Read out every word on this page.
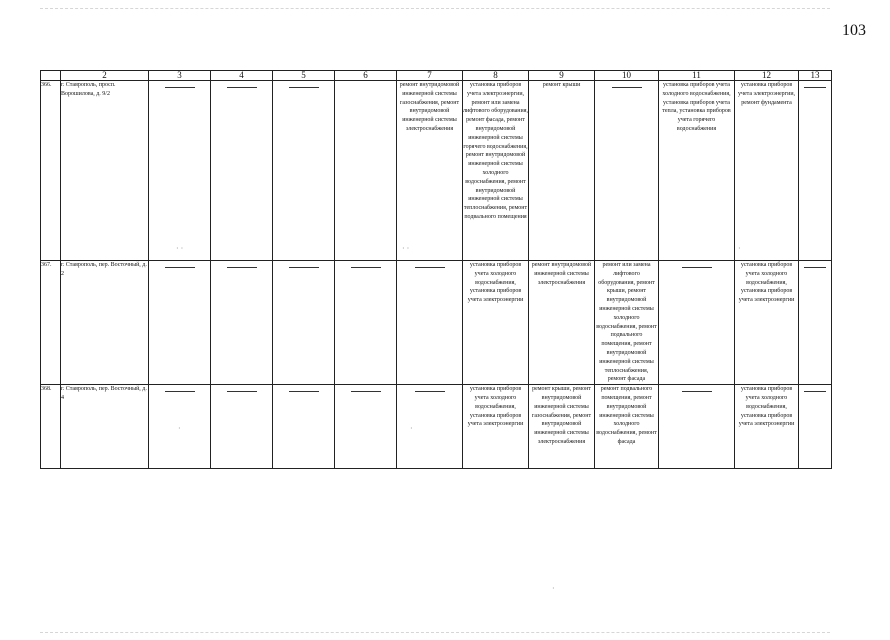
103
	2	3	4	5	6	7	8	9	10	11	12	13
366.	г. Ставрополь, просп. Ворошилова, д. 9/2					ремонт внутридомовой инженерной системы газоснабжения, ремонт внутридомовой инженерной системы электроснабжения	установка приборов учета электроэнергии, ремонт или замена лифтового оборудования, ремонт фасада, ремонт внутридомовой инженерной системы горячего водоснабжения, ремонт внутридомовой инженерной системы холодного водоснабжения, ремонт внутридомовой инженерной системы теплоснабжения, ремонт подвального помещения	ремонт крыши		установка приборов учета холодного водоснабжения, установка приборов учета тепла, установка приборов учета горячего водоснабжения	установка приборов учета электроэнергии, ремонт фундамента	
367.	г. Ставрополь, пер. Восточный, д. 2						установка приборов учета холодного водоснабжения, установка приборов учета электроэнергии	ремонт внутридомовой инженерной системы электроснабжения	ремонт или замена лифтового оборудования, ремонт крыши, ремонт внутридомовой инженерной системы холодного водоснабжения, ремонт подвального помещения, ремонт внутридомовой инженерной системы теплоснабжения, ремонт фасада		установка приборов учета холодного водоснабжения, установка приборов учета электроэнергии	
368.	г. Ставрополь, пер. Восточный, д. 4						установка приборов учета холодного водоснабжения, установка приборов учета электроэнергии	ремонт крыши, ремонт внутридомовой инженерной системы газоснабжения, ремонт внутридомовой инженерной системы электроснабжения	ремонт подвального помещения, ремонт внутридомовой инженерной системы холодного водоснабжения, ремонт фасада		установка приборов учета холодного водоснабжения, установка приборов учета электроэнергии	
· ·	· ·	·
·	·
·
